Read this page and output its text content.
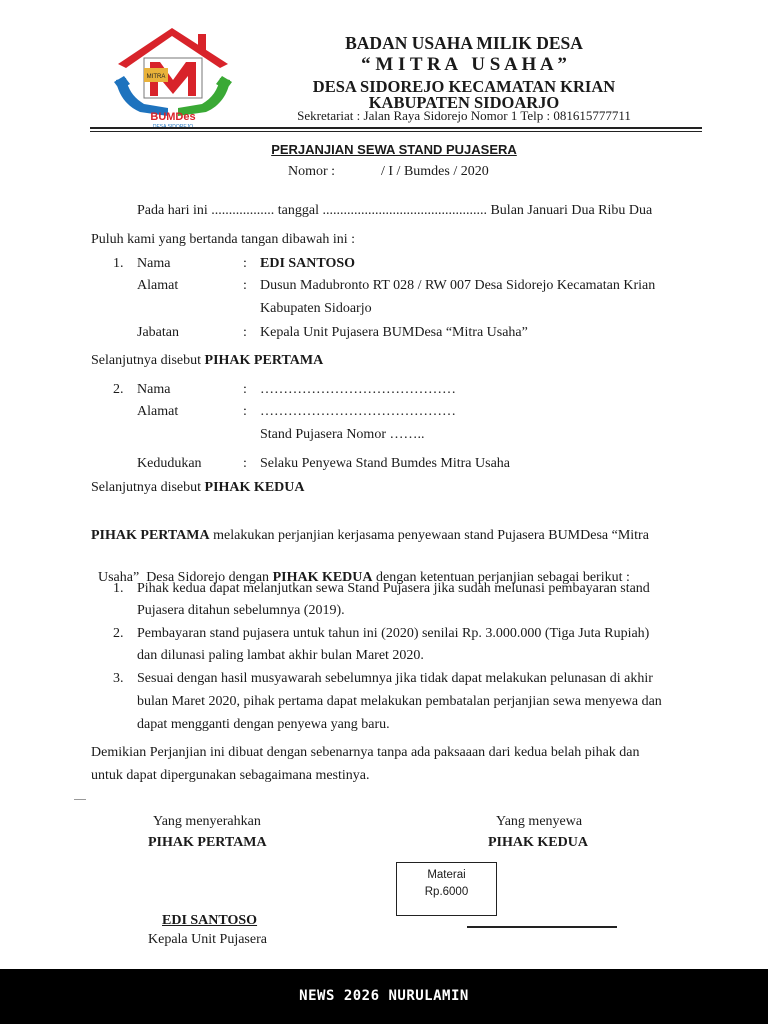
MITRA
BUMDes
BADAN USAHA MILIK DESA
“ M I T R A   U S A H A ”
DESA SIDOREJO KECAMATAN KRIAN
KABUPATEN SIDOARJO
Sekretariat : Jalan Raya Sidorejo Nomor 1 Telp : 081615777711
PERJANJIAN SEWA STAND PUJASERA
Nomor :	/ I / Bumdes / 2020
Pada hari ini .................. tanggal ............................................... Bulan Januari Dua Ribu Dua
Puluh kami yang bertanda tangan dibawah ini :
1. Nama	: EDI SANTOSO
Alamat	: Dusun Madubronto RT 028 / RW 007 Desa Sidorejo Kecamatan Krian
Kabupaten Sidoarjo
Jabatan	: Kepala Unit Pujasera BUMDesa “Mitra Usaha”
Selanjutnya disebut PIHAK PERTAMA
2. Nama	: ……………………………………
Alamat	: ……………………………………
Stand Pujasera Nomor ……..
Kedudukan	: Selaku Penyewa Stand Bumdes Mitra Usaha
Selanjutnya disebut PIHAK KEDUA
PIHAK PERTAMA melakukan perjanjian kerjasama penyewaan stand Pujasera BUMDesa “Mitra

Usaha”  Desa Sidorejo dengan PIHAK KEDUA dengan ketentuan perjanjian sebagai berikut :

1. Pihak kedua dapat melanjutkan sewa Stand Pujasera jika sudah melunasi pembayaran stand
Pujasera ditahun sebelumnya (2019).
2. Pembayaran stand pujasera untuk tahun ini (2020) senilai Rp. 3.000.000 (Tiga Juta Rupiah)
dan dilunasi paling lambat akhir bulan Maret 2020.
3. Sesuai dengan hasil musyawarah sebelumnya jika tidak dapat melakukan pelunasan di akhir
bulan Maret 2020, pihak pertama dapat melakukan pembatalan perjanjian sewa menyewa dan
dapat mengganti dengan penyewa yang baru.
Demikian Perjanjian ini dibuat dengan sebenarnya tanpa ada paksaaan dari kedua belah pihak dan
untuk dapat dipergunakan sebagaimana mestinya.
Yang menyerahkan
PIHAK PERTAMA
EDI SANTOSO
Kepala Unit Pujasera
Yang menyewa
PIHAK KEDUA
Materai
Rp.6000
NEWS 2026 NURULAMIN
